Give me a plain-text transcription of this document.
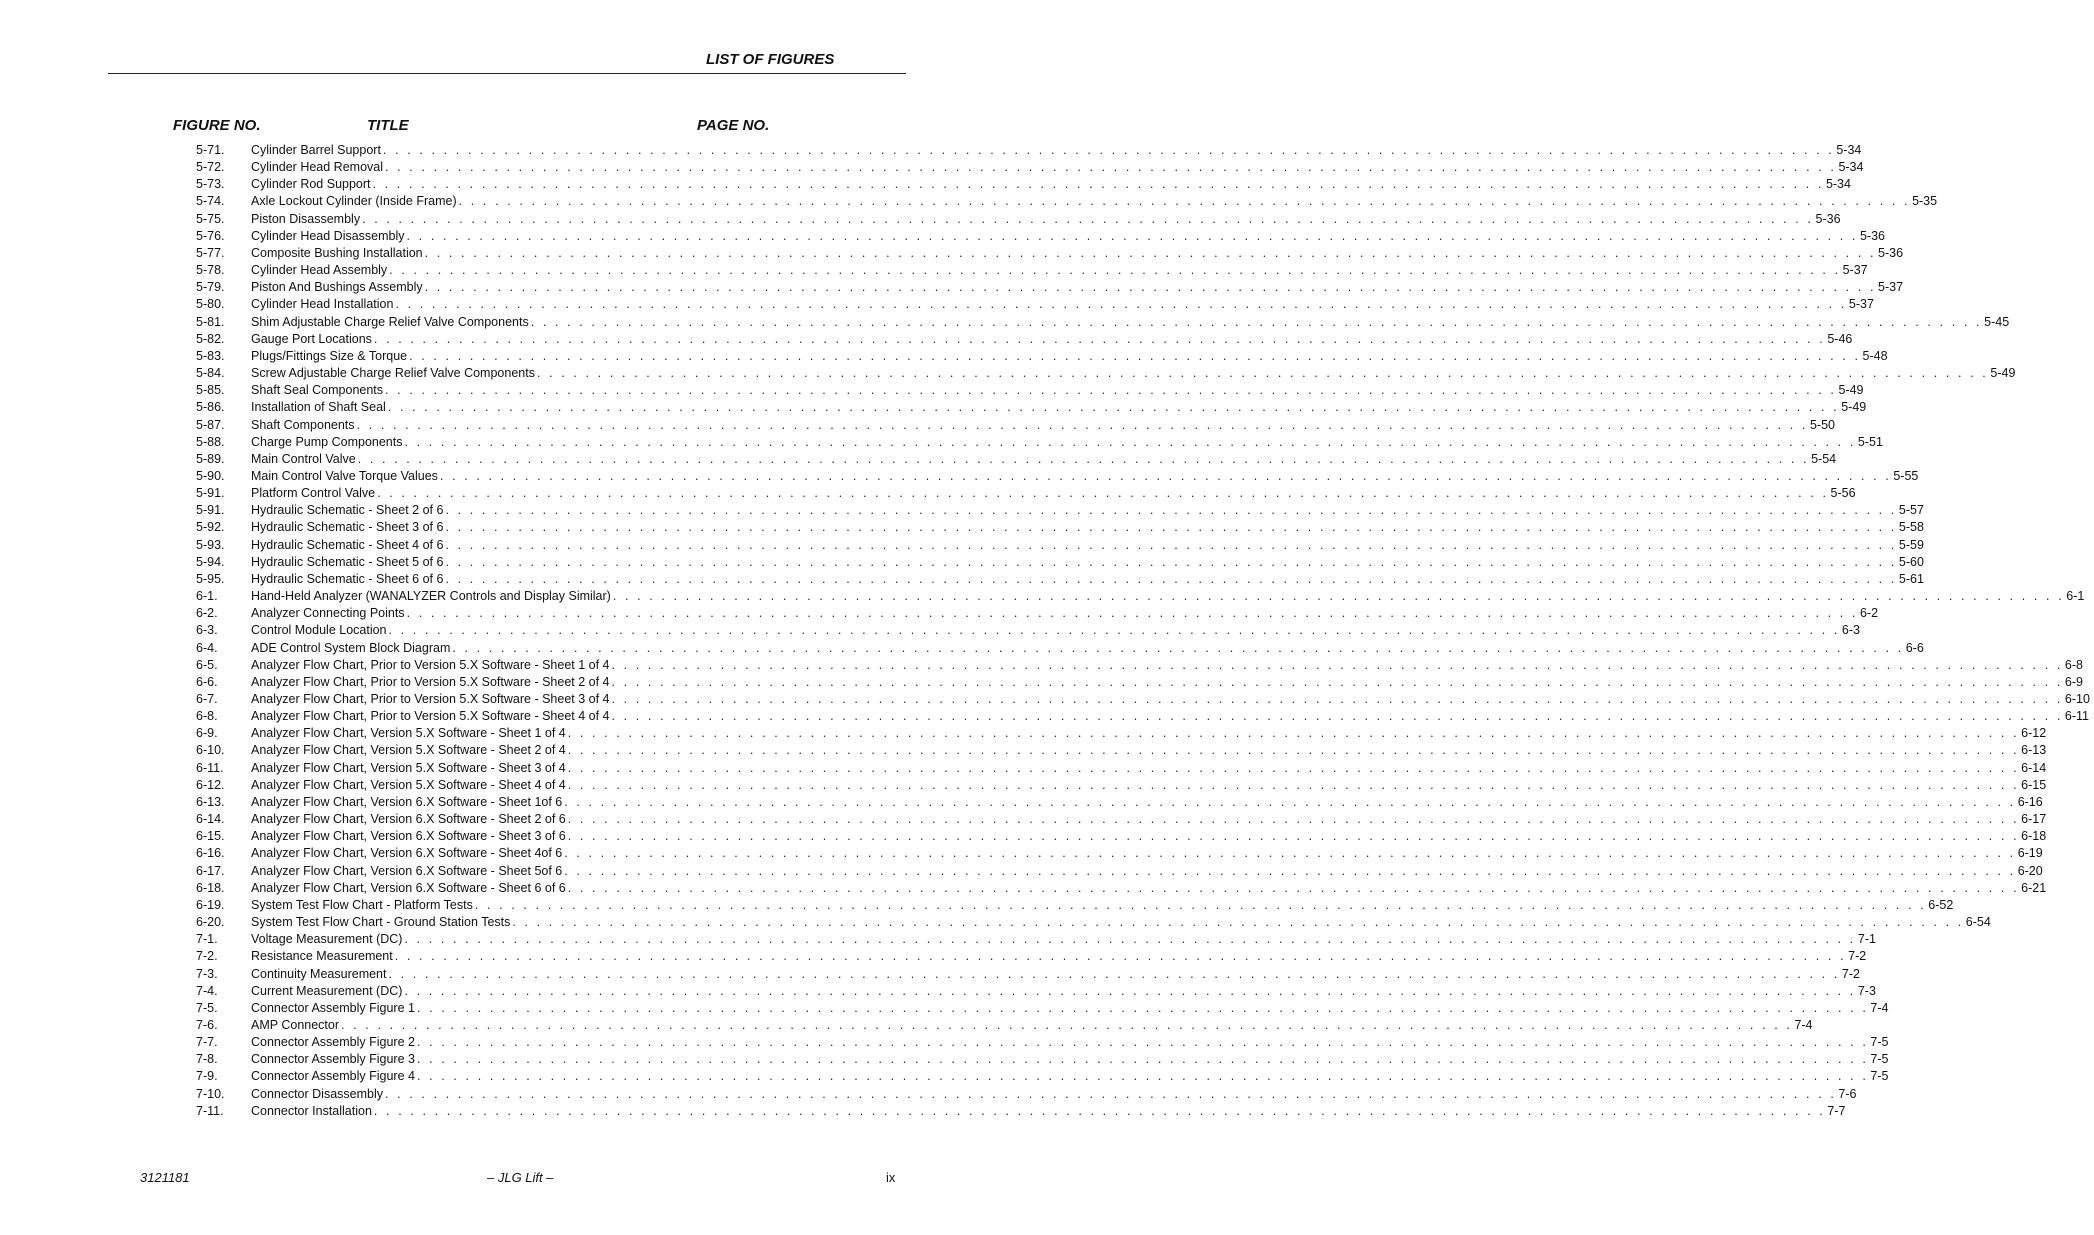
LIST OF FIGURES
FIGURE NO.	TITLE	PAGE NO.
5-71.	Cylinder Barrel Support . . . . . . . . . . . . . . . . . . . . . . . . . . . . . . . . . . . . . . . . . . . . . . . . . . . . . . . . . . . . . . . . . . . . . . . . . . . . . . . . . . . . . . . . . . . . . . . . . . . . . . . . . . . . . . . . . . . . . . . . 5-34
5-72.	Cylinder Head Removal . . . . . . . . . . . . . . . . . . . . . . . . . . . . . . . . . . . . . . . . . . . . . . . . . . . . . . . . . . . . . . . . . . . . . . . . . . . . . . . . . . . . . . . . . . . . . . . . . . . . . . . . . . . . . . . . . . . . . . . . 5-34
5-73.	Cylinder Rod Support . . . . . . . . . . . . . . . . . . . . . . . . . . . . . . . . . . . . . . . . . . . . . . . . . . . . . . . . . . . . . . . . . . . . . . . . . . . . . . . . . . . . . . . . . . . . . . . . . . . . . . . . . . . . . . . . . . . . . . . . 5-34
5-74.	Axle Lockout Cylinder (Inside Frame) . . . . . . . . . . . . . . . . . . . . . . . . . . . . . . . . . . . . . . . . . . . . . . . . . . . . . . . . . . . . . . . . . . . . . . . . . . . . . . . . . . . . . . . . . . . . . . . . . . . . . . . . . . . . . . . . . . . . . . . . 5-35
5-75.	Piston Disassembly . . . . . . . . . . . . . . . . . . . . . . . . . . . . . . . . . . . . . . . . . . . . . . . . . . . . . . . . . . . . . . . . . . . . . . . . . . . . . . . . . . . . . . . . . . . . . . . . . . . . . . . . . . . . . . . . . . . . . . . . 5-36
5-76.	Cylinder Head Disassembly . . . . . . . . . . . . . . . . . . . . . . . . . . . . . . . . . . . . . . . . . . . . . . . . . . . . . . . . . . . . . . . . . . . . . . . . . . . . . . . . . . . . . . . . . . . . . . . . . . . . . . . . . . . . . . . . . . . . . . . . 5-36
5-77.	Composite Bushing Installation . . . . . . . . . . . . . . . . . . . . . . . . . . . . . . . . . . . . . . . . . . . . . . . . . . . . . . . . . . . . . . . . . . . . . . . . . . . . . . . . . . . . . . . . . . . . . . . . . . . . . . . . . . . . . . . . . . . . . . . . 5-36
5-78.	Cylinder Head Assembly . . . . . . . . . . . . . . . . . . . . . . . . . . . . . . . . . . . . . . . . . . . . . . . . . . . . . . . . . . . . . . . . . . . . . . . . . . . . . . . . . . . . . . . . . . . . . . . . . . . . . . . . . . . . . . . . . . . . . . . . 5-37
5-79.	Piston And Bushings Assembly . . . . . . . . . . . . . . . . . . . . . . . . . . . . . . . . . . . . . . . . . . . . . . . . . . . . . . . . . . . . . . . . . . . . . . . . . . . . . . . . . . . . . . . . . . . . . . . . . . . . . . . . . . . . . . . . . . . . . . . . 5-37
5-80.	Cylinder Head Installation . . . . . . . . . . . . . . . . . . . . . . . . . . . . . . . . . . . . . . . . . . . . . . . . . . . . . . . . . . . . . . . . . . . . . . . . . . . . . . . . . . . . . . . . . . . . . . . . . . . . . . . . . . . . . . . . . . . . . . . . 5-37
5-81.	Shim Adjustable Charge Relief Valve Components . . . . . . . . . . . . . . . . . . . . . . . . . . . . . . . . . . . . . . . . . . . . . . . . . . . . . . . . . . . . . . . . . . . . . . . . . . . . . . . . . . . . . . . . . . . . . . . . . . . . . . . . . . . . . . . . . . . . . . . . 5-45
5-82.	Gauge Port Locations . . . . . . . . . . . . . . . . . . . . . . . . . . . . . . . . . . . . . . . . . . . . . . . . . . . . . . . . . . . . . . . . . . . . . . . . . . . . . . . . . . . . . . . . . . . . . . . . . . . . . . . . . . . . . . . . . . . . . . . . 5-46
5-83.	Plugs/Fittings Size & Torque . . . . . . . . . . . . . . . . . . . . . . . . . . . . . . . . . . . . . . . . . . . . . . . . . . . . . . . . . . . . . . . . . . . . . . . . . . . . . . . . . . . . . . . . . . . . . . . . . . . . . . . . . . . . . . . . . . . . . . . . 5-48
5-84.	Screw Adjustable Charge Relief Valve Components . . . . . . . . . . . . . . . . . . . . . . . . . . . . . . . . . . . . . . . . . . . . . . . . . . . . . . . . . . . . . . . . . . . . . . . . . . . . . . . . . . . . . . . . . . . . . . . . . . . . . . . . . . . . . . . . . . . . . . . . 5-49
5-85.	Shaft Seal Components . . . . . . . . . . . . . . . . . . . . . . . . . . . . . . . . . . . . . . . . . . . . . . . . . . . . . . . . . . . . . . . . . . . . . . . . . . . . . . . . . . . . . . . . . . . . . . . . . . . . . . . . . . . . . . . . . . . . . . . . 5-49
5-86.	Installation of Shaft Seal . . . . . . . . . . . . . . . . . . . . . . . . . . . . . . . . . . . . . . . . . . . . . . . . . . . . . . . . . . . . . . . . . . . . . . . . . . . . . . . . . . . . . . . . . . . . . . . . . . . . . . . . . . . . . . . . . . . . . . . . 5-49
5-87.	Shaft Components . . . . . . . . . . . . . . . . . . . . . . . . . . . . . . . . . . . . . . . . . . . . . . . . . . . . . . . . . . . . . . . . . . . . . . . . . . . . . . . . . . . . . . . . . . . . . . . . . . . . . . . . . . . . . . . . . . . . . . . . 5-50
5-88.	Charge Pump Components . . . . . . . . . . . . . . . . . . . . . . . . . . . . . . . . . . . . . . . . . . . . . . . . . . . . . . . . . . . . . . . . . . . . . . . . . . . . . . . . . . . . . . . . . . . . . . . . . . . . . . . . . . . . . . . . . . . . . . . . 5-51
5-89.	Main Control Valve . . . . . . . . . . . . . . . . . . . . . . . . . . . . . . . . . . . . . . . . . . . . . . . . . . . . . . . . . . . . . . . . . . . . . . . . . . . . . . . . . . . . . . . . . . . . . . . . . . . . . . . . . . . . . . . . . . . . . . . . 5-54
5-90.	Main Control Valve Torque Values . . . . . . . . . . . . . . . . . . . . . . . . . . . . . . . . . . . . . . . . . . . . . . . . . . . . . . . . . . . . . . . . . . . . . . . . . . . . . . . . . . . . . . . . . . . . . . . . . . . . . . . . . . . . . . . . . . . . . . . . 5-55
5-91.	Platform Control Valve . . . . . . . . . . . . . . . . . . . . . . . . . . . . . . . . . . . . . . . . . . . . . . . . . . . . . . . . . . . . . . . . . . . . . . . . . . . . . . . . . . . . . . . . . . . . . . . . . . . . . . . . . . . . . . . . . . . . . . . . 5-56
5-91.	Hydraulic Schematic - Sheet 2 of 6 . . . . . . . . . . . . . . . . . . . . . . . . . . . . . . . . . . . . . . . . . . . . . . . . . . . . . . . . . . . . . . . . . . . . . . . . . . . . . . . . . . . . . . . . . . . . . . . . . . . . . . . . . . . . . . . . . . . . . . . . 5-57
5-92.	Hydraulic Schematic - Sheet 3 of 6 . . . . . . . . . . . . . . . . . . . . . . . . . . . . . . . . . . . . . . . . . . . . . . . . . . . . . . . . . . . . . . . . . . . . . . . . . . . . . . . . . . . . . . . . . . . . . . . . . . . . . . . . . . . . . . . . . . . . . . . . 5-58
5-93.	Hydraulic Schematic - Sheet 4 of 6 . . . . . . . . . . . . . . . . . . . . . . . . . . . . . . . . . . . . . . . . . . . . . . . . . . . . . . . . . . . . . . . . . . . . . . . . . . . . . . . . . . . . . . . . . . . . . . . . . . . . . . . . . . . . . . . . . . . . . . . . 5-59
5-94.	Hydraulic Schematic - Sheet 5 of 6 . . . . . . . . . . . . . . . . . . . . . . . . . . . . . . . . . . . . . . . . . . . . . . . . . . . . . . . . . . . . . . . . . . . . . . . . . . . . . . . . . . . . . . . . . . . . . . . . . . . . . . . . . . . . . . . . . . . . . . . . 5-60
5-95.	Hydraulic Schematic - Sheet 6 of 6 . . . . . . . . . . . . . . . . . . . . . . . . . . . . . . . . . . . . . . . . . . . . . . . . . . . . . . . . . . . . . . . . . . . . . . . . . . . . . . . . . . . . . . . . . . . . . . . . . . . . . . . . . . . . . . . . . . . . . . . . 5-61
6-1.	Hand-Held Analyzer (WANALYZER Controls and Display Similar) . . . . . . . . . . . . . . . . . . . . . . . . . . . . . . . . . . . . . . . . . . . . . . . . . . . . . . . . . . . . . . . . . . . . . . . . . . . . . . . . . . . . . . . . . . . . . . . . . . . . . . . . . . . . . . . . . . . . . . . . 6-1
6-2.	Analyzer Connecting Points . . . . . . . . . . . . . . . . . . . . . . . . . . . . . . . . . . . . . . . . . . . . . . . . . . . . . . . . . . . . . . . . . . . . . . . . . . . . . . . . . . . . . . . . . . . . . . . . . . . . . . . . . . . . . . . . . . . . . . . . 6-2
6-3.	Control Module Location . . . . . . . . . . . . . . . . . . . . . . . . . . . . . . . . . . . . . . . . . . . . . . . . . . . . . . . . . . . . . . . . . . . . . . . . . . . . . . . . . . . . . . . . . . . . . . . . . . . . . . . . . . . . . . . . . . . . . . . . 6-3
6-4.	ADE Control System Block Diagram . . . . . . . . . . . . . . . . . . . . . . . . . . . . . . . . . . . . . . . . . . . . . . . . . . . . . . . . . . . . . . . . . . . . . . . . . . . . . . . . . . . . . . . . . . . . . . . . . . . . . . . . . . . . . . . . . . . . . . . . 6-6
6-5.	Analyzer Flow Chart, Prior to Version 5.X Software - Sheet 1 of 4 . . . . . . . . . . . . . . . . . . . . . . . . . . . . . . . . . . . . . . . . . . . . . . . . . . . . . . . . . . . . . . . . . . . . . . . . . . . . . . . . . . . . . . . . . . . . . . . . . . . . . . . . . . . . . . . . . . . . . . . . 6-8
6-6.	Analyzer Flow Chart, Prior to Version 5.X Software - Sheet 2 of 4 . . . . . . . . . . . . . . . . . . . . . . . . . . . . . . . . . . . . . . . . . . . . . . . . . . . . . . . . . . . . . . . . . . . . . . . . . . . . . . . . . . . . . . . . . . . . . . . . . . . . . . . . . . . . . . . . . . . . . . . . 6-9
6-7.	Analyzer Flow Chart, Prior to Version 5.X Software - Sheet 3 of 4 . . . . . . . . . . . . . . . . . . . . . . . . . . . . . . . . . . . . . . . . . . . . . . . . . . . . . . . . . . . . . . . . . . . . . . . . . . . . . . . . . . . . . . . . . . . . . . . . . . . . . . . . . . . . . . . . . . . . . . . . 6-10
6-8.	Analyzer Flow Chart, Prior to Version 5.X Software - Sheet 4 of 4 . . . . . . . . . . . . . . . . . . . . . . . . . . . . . . . . . . . . . . . . . . . . . . . . . . . . . . . . . . . . . . . . . . . . . . . . . . . . . . . . . . . . . . . . . . . . . . . . . . . . . . . . . . . . . . . . . . . . . . . . 6-11
6-9.	Analyzer Flow Chart, Version 5.X Software - Sheet 1 of 4 . . . . . . . . . . . . . . . . . . . . . . . . . . . . . . . . . . . . . . . . . . . . . . . . . . . . . . . . . . . . . . . . . . . . . . . . . . . . . . . . . . . . . . . . . . . . . . . . . . . . . . . . . . . . . . . . . . . . . . . . 6-12
6-10.	Analyzer Flow Chart, Version 5.X Software - Sheet 2 of 4 . . . . . . . . . . . . . . . . . . . . . . . . . . . . . . . . . . . . . . . . . . . . . . . . . . . . . . . . . . . . . . . . . . . . . . . . . . . . . . . . . . . . . . . . . . . . . . . . . . . . . . . . . . . . . . . . . . . . . . . . 6-13
6-11.	Analyzer Flow Chart, Version 5.X Software - Sheet 3 of 4 . . . . . . . . . . . . . . . . . . . . . . . . . . . . . . . . . . . . . . . . . . . . . . . . . . . . . . . . . . . . . . . . . . . . . . . . . . . . . . . . . . . . . . . . . . . . . . . . . . . . . . . . . . . . . . . . . . . . . . . . 6-14
6-12.	Analyzer Flow Chart, Version 5.X Software - Sheet 4 of 4 . . . . . . . . . . . . . . . . . . . . . . . . . . . . . . . . . . . . . . . . . . . . . . . . . . . . . . . . . . . . . . . . . . . . . . . . . . . . . . . . . . . . . . . . . . . . . . . . . . . . . . . . . . . . . . . . . . . . . . . . 6-15
6-13.	Analyzer Flow Chart, Version 6.X Software - Sheet 1of 6 . . . . . . . . . . . . . . . . . . . . . . . . . . . . . . . . . . . . . . . . . . . . . . . . . . . . . . . . . . . . . . . . . . . . . . . . . . . . . . . . . . . . . . . . . . . . . . . . . . . . . . . . . . . . . . . . . . . . . . . . 6-16
6-14.	Analyzer Flow Chart, Version 6.X Software - Sheet 2 of 6 . . . . . . . . . . . . . . . . . . . . . . . . . . . . . . . . . . . . . . . . . . . . . . . . . . . . . . . . . . . . . . . . . . . . . . . . . . . . . . . . . . . . . . . . . . . . . . . . . . . . . . . . . . . . . . . . . . . . . . . . 6-17
6-15.	Analyzer Flow Chart, Version 6.X Software - Sheet 3 of 6 . . . . . . . . . . . . . . . . . . . . . . . . . . . . . . . . . . . . . . . . . . . . . . . . . . . . . . . . . . . . . . . . . . . . . . . . . . . . . . . . . . . . . . . . . . . . . . . . . . . . . . . . . . . . . . . . . . . . . . . . 6-18
6-16.	Analyzer Flow Chart, Version 6.X Software - Sheet 4of 6 . . . . . . . . . . . . . . . . . . . . . . . . . . . . . . . . . . . . . . . . . . . . . . . . . . . . . . . . . . . . . . . . . . . . . . . . . . . . . . . . . . . . . . . . . . . . . . . . . . . . . . . . . . . . . . . . . . . . . . . . 6-19
6-17.	Analyzer Flow Chart, Version 6.X Software - Sheet 5of 6 . . . . . . . . . . . . . . . . . . . . . . . . . . . . . . . . . . . . . . . . . . . . . . . . . . . . . . . . . . . . . . . . . . . . . . . . . . . . . . . . . . . . . . . . . . . . . . . . . . . . . . . . . . . . . . . . . . . . . . . . 6-20
6-18.	Analyzer Flow Chart, Version 6.X Software - Sheet 6 of 6 . . . . . . . . . . . . . . . . . . . . . . . . . . . . . . . . . . . . . . . . . . . . . . . . . . . . . . . . . . . . . . . . . . . . . . . . . . . . . . . . . . . . . . . . . . . . . . . . . . . . . . . . . . . . . . . . . . . . . . . . 6-21
6-19.	System Test Flow Chart - Platform Tests . . . . . . . . . . . . . . . . . . . . . . . . . . . . . . . . . . . . . . . . . . . . . . . . . . . . . . . . . . . . . . . . . . . . . . . . . . . . . . . . . . . . . . . . . . . . . . . . . . . . . . . . . . . . . . . . . . . . . . . . 6-52
6-20.	System Test Flow Chart - Ground Station Tests . . . . . . . . . . . . . . . . . . . . . . . . . . . . . . . . . . . . . . . . . . . . . . . . . . . . . . . . . . . . . . . . . . . . . . . . . . . . . . . . . . . . . . . . . . . . . . . . . . . . . . . . . . . . . . . . . . . . . . . . 6-54
7-1.	Voltage Measurement (DC) . . . . . . . . . . . . . . . . . . . . . . . . . . . . . . . . . . . . . . . . . . . . . . . . . . . . . . . . . . . . . . . . . . . . . . . . . . . . . . . . . . . . . . . . . . . . . . . . . . . . . . . . . . . . . . . . . . . . . . . . 7-1
7-2.	Resistance Measurement . . . . . . . . . . . . . . . . . . . . . . . . . . . . . . . . . . . . . . . . . . . . . . . . . . . . . . . . . . . . . . . . . . . . . . . . . . . . . . . . . . . . . . . . . . . . . . . . . . . . . . . . . . . . . . . . . . . . . . . . 7-2
7-3.	Continuity Measurement . . . . . . . . . . . . . . . . . . . . . . . . . . . . . . . . . . . . . . . . . . . . . . . . . . . . . . . . . . . . . . . . . . . . . . . . . . . . . . . . . . . . . . . . . . . . . . . . . . . . . . . . . . . . . . . . . . . . . . . . 7-2
7-4.	Current Measurement (DC) . . . . . . . . . . . . . . . . . . . . . . . . . . . . . . . . . . . . . . . . . . . . . . . . . . . . . . . . . . . . . . . . . . . . . . . . . . . . . . . . . . . . . . . . . . . . . . . . . . . . . . . . . . . . . . . . . . . . . . . . 7-3
7-5.	Connector Assembly Figure 1 . . . . . . . . . . . . . . . . . . . . . . . . . . . . . . . . . . . . . . . . . . . . . . . . . . . . . . . . . . . . . . . . . . . . . . . . . . . . . . . . . . . . . . . . . . . . . . . . . . . . . . . . . . . . . . . . . . . . . . . . 7-4
7-6.	AMP Connector . . . . . . . . . . . . . . . . . . . . . . . . . . . . . . . . . . . . . . . . . . . . . . . . . . . . . . . . . . . . . . . . . . . . . . . . . . . . . . . . . . . . . . . . . . . . . . . . . . . . . . . . . . . . . . . . . . . . . . . . 7-4
7-7.	Connector Assembly Figure 2 . . . . . . . . . . . . . . . . . . . . . . . . . . . . . . . . . . . . . . . . . . . . . . . . . . . . . . . . . . . . . . . . . . . . . . . . . . . . . . . . . . . . . . . . . . . . . . . . . . . . . . . . . . . . . . . . . . . . . . . . 7-5
7-8.	Connector Assembly Figure 3 . . . . . . . . . . . . . . . . . . . . . . . . . . . . . . . . . . . . . . . . . . . . . . . . . . . . . . . . . . . . . . . . . . . . . . . . . . . . . . . . . . . . . . . . . . . . . . . . . . . . . . . . . . . . . . . . . . . . . . . . 7-5
7-9.	Connector Assembly Figure 4 . . . . . . . . . . . . . . . . . . . . . . . . . . . . . . . . . . . . . . . . . . . . . . . . . . . . . . . . . . . . . . . . . . . . . . . . . . . . . . . . . . . . . . . . . . . . . . . . . . . . . . . . . . . . . . . . . . . . . . . . 7-5
7-10.	Connector Disassembly . . . . . . . . . . . . . . . . . . . . . . . . . . . . . . . . . . . . . . . . . . . . . . . . . . . . . . . . . . . . . . . . . . . . . . . . . . . . . . . . . . . . . . . . . . . . . . . . . . . . . . . . . . . . . . . . . . . . . . . . 7-6
7-11.	Connector Installation . . . . . . . . . . . . . . . . . . . . . . . . . . . . . . . . . . . . . . . . . . . . . . . . . . . . . . . . . . . . . . . . . . . . . . . . . . . . . . . . . . . . . . . . . . . . . . . . . . . . . . . . . . . . . . . . . . . . . . . . 7-7
3121181	– JLG Lift –	ix
